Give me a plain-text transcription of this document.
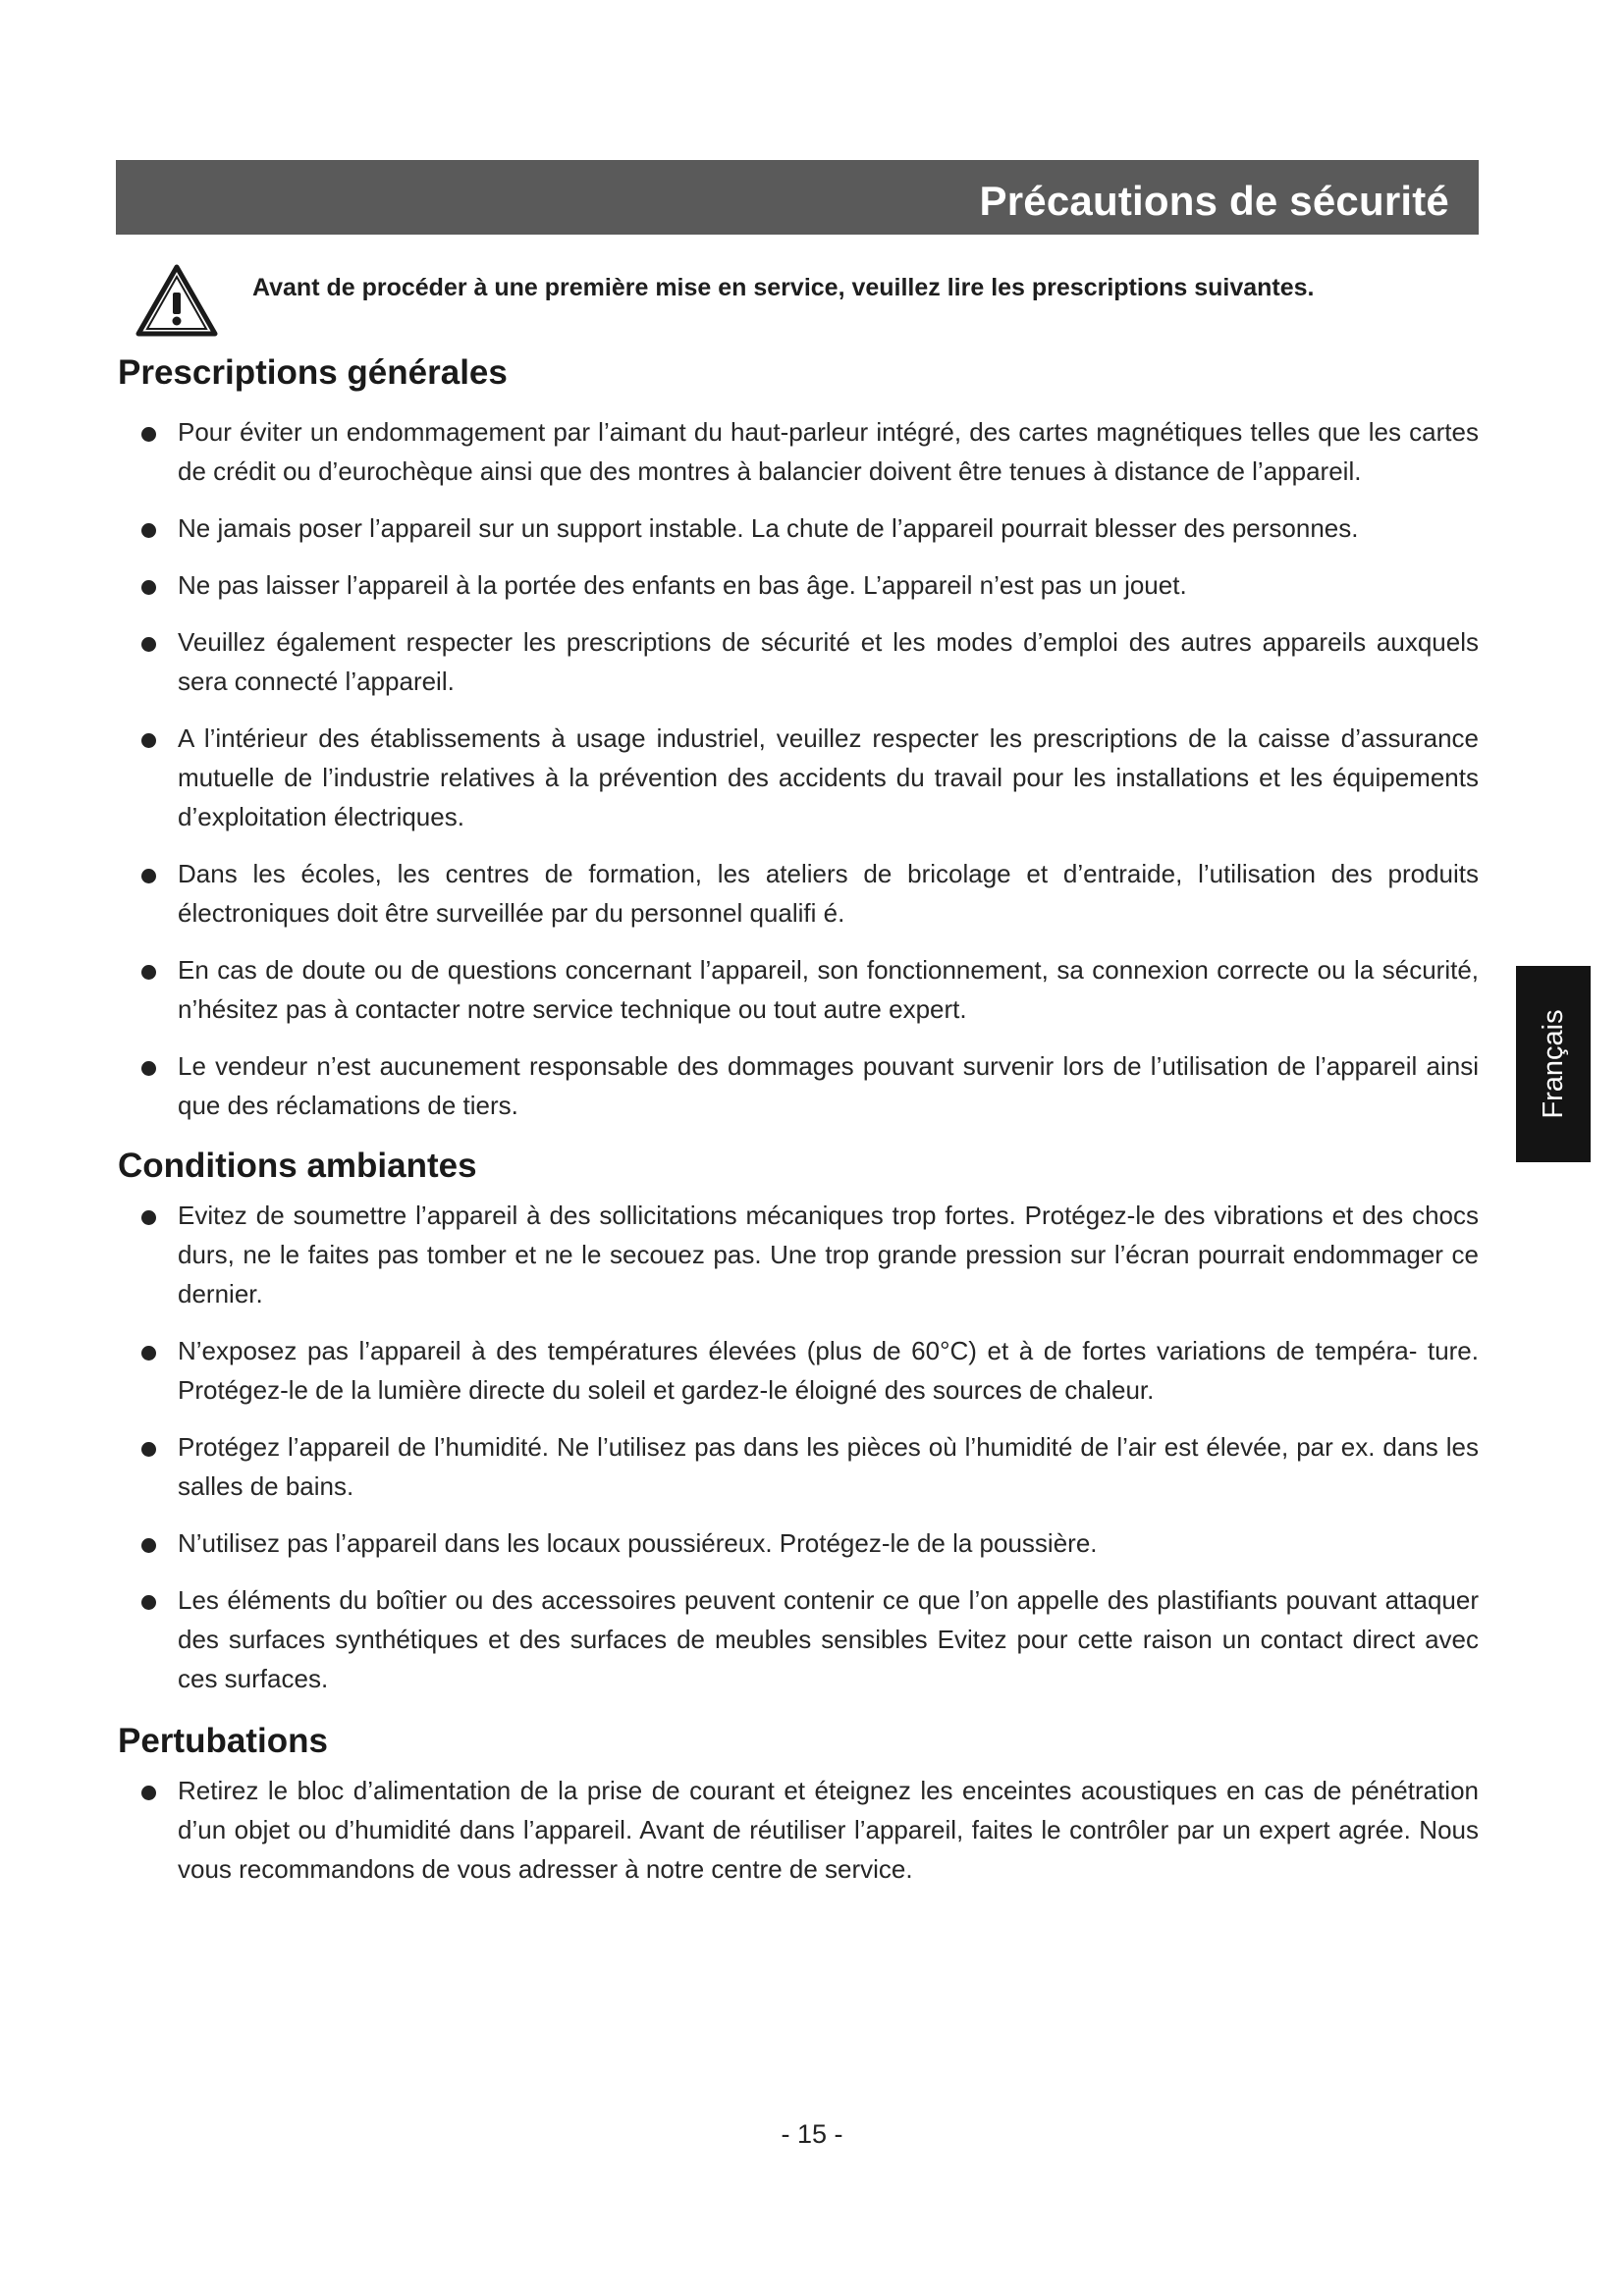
Précautions de sécurité
Avant de procéder à une première mise en service, veuillez lire les prescriptions suivantes.
Prescriptions générales
Pour éviter un endommagement par l’aimant du haut-parleur intégré, des cartes magnétiques telles que les cartes de crédit ou d’eurochèque ainsi que des montres à balancier doivent être tenues à distance de l’appareil.
Ne jamais poser l’appareil sur un support instable. La chute de l’appareil pourrait blesser des personnes.
Ne pas laisser l’appareil à la portée des enfants en bas âge. L’appareil n’est pas un jouet.
Veuillez également respecter les prescriptions de sécurité et les modes d’emploi des autres appareils auxquels sera connecté l’appareil.
A l’intérieur des établissements à usage industriel, veuillez respecter les prescriptions de la caisse d’assurance mutuelle de l’industrie relatives à la prévention des accidents du travail pour les installations et les équipements d’exploitation électriques.
Dans les écoles, les centres de formation, les ateliers de bricolage et d’entraide, l’utilisation des produits électroniques doit être surveillée par du personnel qualifi é.
En cas de doute ou de questions concernant l’appareil, son fonctionnement, sa connexion correcte ou la sécurité, n’hésitez pas à contacter notre service technique ou tout autre expert.
Le vendeur n’est aucunement responsable des dommages pouvant survenir lors de l’utilisation de l’appareil ainsi que des réclamations de tiers.
Conditions ambiantes
Evitez de soumettre l’appareil à des sollicitations mécaniques trop fortes. Protégez-le des vibrations et des chocs durs, ne le faites pas tomber et ne le secouez pas. Une trop grande pression sur l’écran pourrait endommager ce dernier.
N’exposez pas l’appareil à des températures élevées (plus de 60°C) et à de fortes variations de tempéra- ture. Protégez-le de la lumière directe du soleil et gardez-le éloigné des sources de chaleur.
Protégez l’appareil de l’humidité. Ne l’utilisez pas dans les pièces où l’humidité de l’air est élevée, par ex. dans les salles de bains.
N’utilisez pas l’appareil dans les locaux poussiéreux. Protégez-le de la poussière.
Les éléments du boîtier ou des accessoires peuvent contenir ce que l’on appelle des plastifiants pouvant attaquer des surfaces synthétiques et des surfaces de meubles sensibles Evitez pour cette raison un contact direct avec ces surfaces.
Pertubations
Retirez le bloc d’alimentation de la prise de courant et éteignez les enceintes acoustiques en cas de pénétration d’un objet ou d’humidité dans l’appareil. Avant de réutiliser l’appareil, faites le contrôler par un expert agrée. Nous vous recommandons de vous adresser à notre centre de service.
Français
- 15 -
